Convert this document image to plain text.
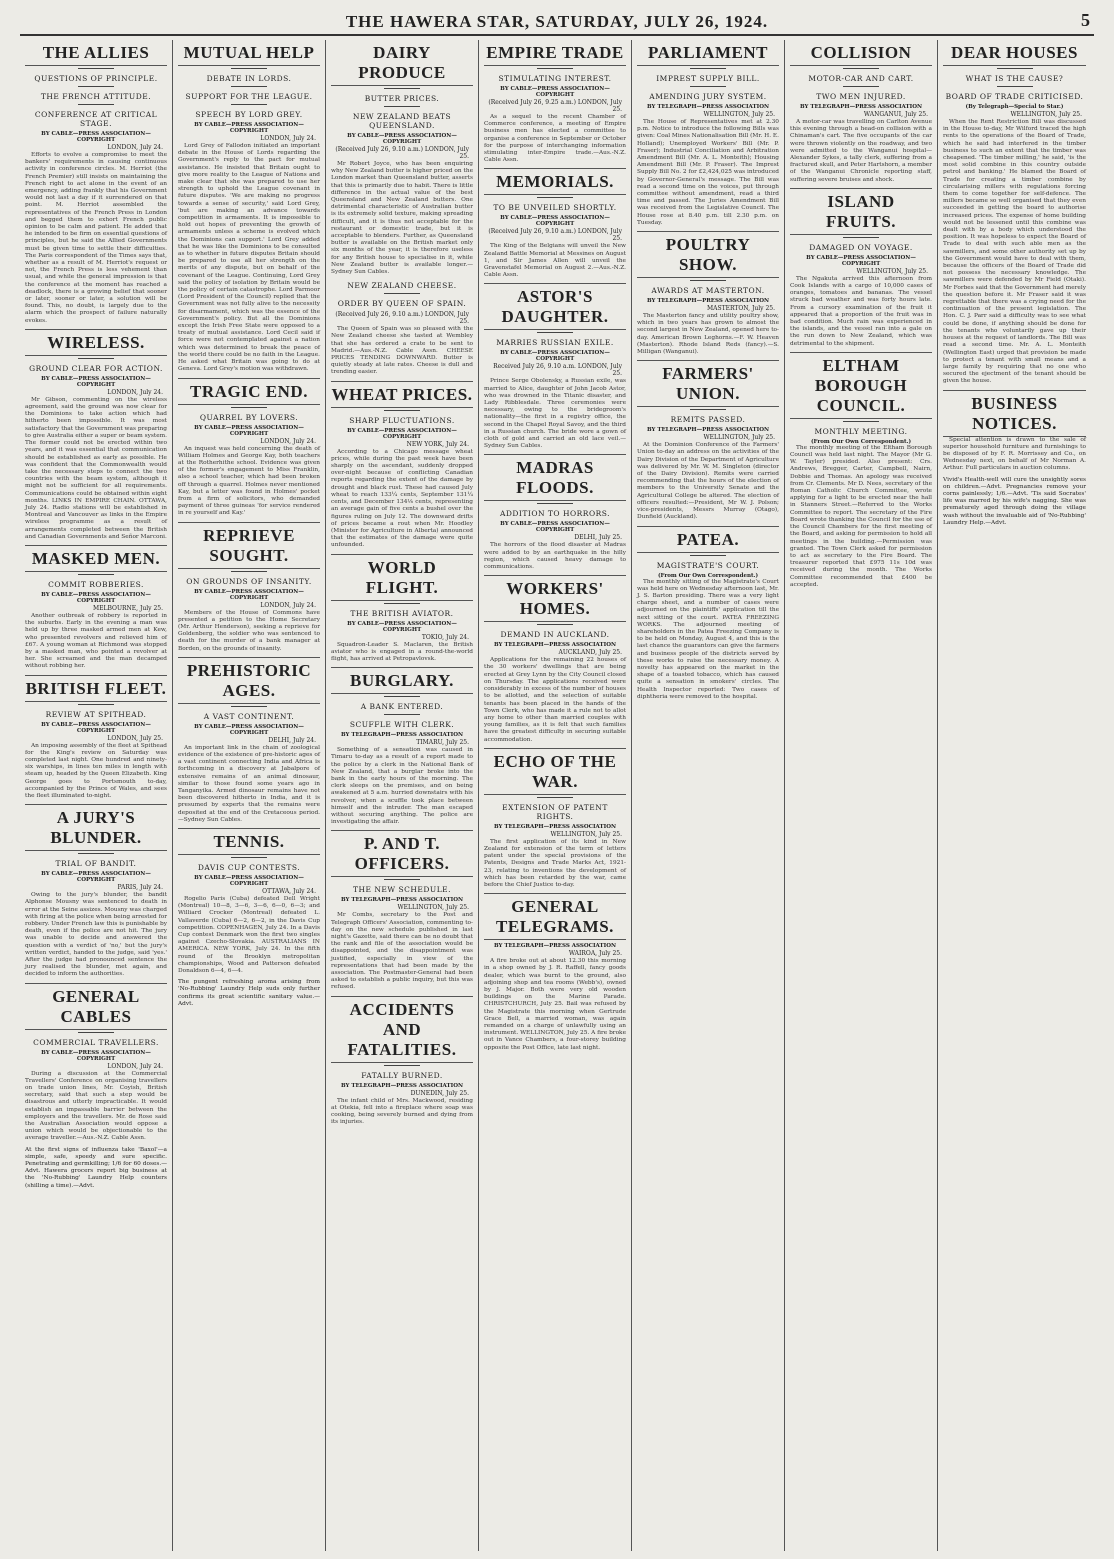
THE HAWERA STAR, SATURDAY, JULY 26, 1924.	5
THE ALLIES
QUESTIONS OF PRINCIPLE.
THE FRENCH ATTITUDE.
CONFERENCE AT CRITICAL STAGE.
BY CABLE—PRESS ASSOCIATION—COPYRIGHT
LONDON, July 24.
Efforts to evolve a compromise to meet the bankers' requirements in causing continuous activity in conference circles. M. Herriot (the French Premier) still insists on maintaining the French right to act alone in the event of an emergency, adding frankly that his Government would not last a day if it surrendered on that point. M. Herriot assembled the representatives of the French Press in London and begged them to exhort French public opinion to be calm and patient. He added that he intended to be firm on essential questions of principles, but he said the Allied Governments must be given time to settle their difficulties. The Paris correspondent of the Times says that, whether as a result of M. Herriot's request or not, the French Press is less vehement than usual, and while the general impression is that the conference at the moment has reached a deadlock, there is a growing belief that sooner or later, sooner or later, a solution will be found. This, no doubt, is largely due to the alarm which the prospect of failure naturally evokes.
WIRELESS.
GROUND CLEAR FOR ACTION.
BY CABLE—PRESS ASSOCIATION—COPYRIGHT
LONDON, July 24.
Mr Gibson, commenting on the wireless agreement, said the ground was now clear for the Dominions to take action which had hitherto been impossible. It was most satisfactory that the Government was preparing to give Australia either a super or beam system. The former could not be erected within two years, and it was essential that communication should be established as early as possible. He was confident that the Commonwealth would take the necessary steps to connect the two countries with the beam system, although it might not be sufficient for all requirements. Communications could be obtained within eight months. LINKS IN EMPIRE CHAIN. OTTAWA, July 24. Radio stations will be established in Montreal and Vancouver as links in the Empire wireless programme as a result of arrangements completed between the British and Canadian Governments and Señor Marconi.
MASKED MEN.
COMMIT ROBBERIES.
BY CABLE—PRESS ASSOCIATION—COPYRIGHT
MELBOURNE, July 25.
Another outbreak of robbery is reported in the suburbs. Early in the evening a man was held up by three masked armed men at Kew, who presented revolvers and relieved him of £67. A young woman at Richmond was stopped by a masked man, who pointed a revolver at her. She screamed and the man decamped without robbing her.
BRITISH FLEET.
REVIEW AT SPITHEAD.
BY CABLE—PRESS ASSOCIATION—COPYRIGHT
LONDON, July 25.
An imposing assembly of the fleet at Spithead for the King's review on Saturday was completed last night. One hundred and ninety-six warships, in lines ten miles in length with steam up, headed by the Queen Elizabeth. King George goes to Portsmouth to-day, accompanied by the Prince of Wales, and sees the fleet illuminated to-night.
A JURY'S BLUNDER.
TRIAL OF BANDIT.
BY CABLE—PRESS ASSOCIATION—COPYRIGHT
PARIS, July 24.
Owing to the jury's blunder, the bandit Alphonse Mousny was sentenced to death in error at the Seine assizes. Mousny was charged with firing at the police when being arrested for robbery. Under French law this is punishable by death, even if the police are not hit. The jury was unable to decide and answered the question with a verdict of 'no,' but the jury's written verdict, handed to the judge, said 'yes.' After the judge had pronounced sentence the jury realised the blunder, met again, and decided to inform the authorities.
GENERAL CABLES
COMMERCIAL TRAVELLERS.
BY CABLE—PRESS ASSOCIATION—COPYRIGHT
LONDON, July 24.
During a discussion at the Commercial Travellers' Conference on organising travellers on trade union lines, Mr. Coyish, British secretary, said that such a step would be disastrous and utterly impracticable. It would establish an impassable barrier between the employers and the travellers. Mr. de Rose said the Australian Association would oppose a union which would be objectionable to the average traveller.—Aus.-N.Z. Cable Assn.
At the first signs of influenza take 'Baxol'—a simple, safe, speedy and sure specific. Penetrating and germkilling; 1/6 for 60 doses.—Advt. Hawera grocers report big business at the 'No-Rubbing' Laundry Help counters (shilling a time).—Advt.
MUTUAL HELP
DEBATE IN LORDS.
SUPPORT FOR THE LEAGUE.
SPEECH BY LORD GREY.
BY CABLE—PRESS ASSOCIATION—COPYRIGHT
LONDON, July 24.
Lord Grey of Fallodon initiated an important debate in the House of Lords regarding the Government's reply to the pact for mutual assistance. He insisted that Britain ought to give more reality to the League of Nations and make clear that she was prepared to use her strength to uphold the League covenant in future disputes. 'We are making no progress towards a sense of security,' said Lord Grey, 'but are making an advance towards competition in armaments. It is impossible to hold out hopes of preventing the growth of armaments unless a scheme is evolved which the Dominions can support.' Lord Grey added that he was like the Dominions to be consulted as to whether in future disputes Britain should be prepared to use all her strength on the merits of any dispute, but on behalf of the covenant of the League. Continuing, Lord Grey said the policy of isolation by Britain would be the policy of certain catastrophe. Lord Parmoor (Lord President of the Council) replied that the Government was not fully alive to the necessity for disarmament, which was the essence of the Government's policy. But all the Dominions except the Irish Free State were opposed to a treaty of mutual assistance. Lord Cecil said if force were not contemplated against a nation which was determined to break the peace of the world there could be no faith in the League. He asked what Britain was going to do at Geneva. Lord Grey's motion was withdrawn.
TRAGIC END.
QUARREL BY LOVERS.
BY CABLE—PRESS ASSOCIATION—COPYRIGHT
LONDON, July 24.
An inquest was held concerning the death of William Holmes and George Kay, both teachers at the Rotherhithe school. Evidence was given of the former's engagement to Miss Franklin, also a school teacher, which had been broken off through a quarrel. Holmes never mentioned Kay, but a letter was found in Holmes' pocket from a firm of solicitors, who demanded payment of three guineas 'for service rendered in re yourself and Kay.'
REPRIEVE SOUGHT.
ON GROUNDS OF INSANITY.
BY CABLE—PRESS ASSOCIATION—COPYRIGHT
LONDON, July 24.
Members of the House of Commons have presented a petition to the Home Secretary (Mr. Arthur Henderson), seeking a reprieve for Goldenberg, the soldier who was sentenced to death for the murder of a bank manager at Borden, on the grounds of insanity.
PREHISTORIC AGES.
A VAST CONTINENT.
BY CABLE—PRESS ASSOCIATION—COPYRIGHT
DELHI, July 24.
An important link in the chain of zoological evidence of the existence of pre-historic ages of a vast continent connecting India and Africa is forthcoming in a discovery at Jabalpore of extensive remains of an animal dinosaur, similar to those found some years ago in Tanganyika. Armed dinosaur remains have not been discovered hitherto in India, and it is presumed by experts that the remains were deposited at the end of the Cretaceous period.—Sydney Sun Cables.
TENNIS.
DAVIS CUP CONTESTS.
BY CABLE—PRESS ASSOCIATION—COPYRIGHT
OTTAWA, July 24.
Rogelio Paris (Cuba) defeated Dell Wright (Montreal) 10—8, 3—6, 3—6, 6—0, 6—3; and Williard Crocker (Montreal) defeated L. Vallaverde (Cuba) 6—2, 6—2, in the Davis Cup competition. COPENHAGEN, July 24. In a Davis Cup contest Denmark won the first two singles against Czecho-Slovakia. AUSTRALIANS IN AMERICA. NEW YORK, July 24. In the fifth round of the Brooklyn metropolitan championships, Wood and Patterson defeated Donaldson 6—4, 6—4.
The pungent refreshing aroma arising from 'No-Rubbing' Laundry Help suds only further confirms its great scientific sanitary value.—Advt.
DAIRY PRODUCE
BUTTER PRICES.
NEW ZEALAND BEATS QUEENSLAND.
BY CABLE—PRESS ASSOCIATION—COPYRIGHT
(Received July 26, 9.10 a.m.) LONDON, July 25.
Mr Robert Joyce, who has been enquiring why New Zealand butter is higher priced on the London market than Queensland butter, asserts that this is primarily due to habit. There is little difference in the actual value of the best Queensland and New Zealand butters. One detrimental characteristic of Australian butter is its extremely solid texture, making spreading difficult, and it is thus not acceptable for the restaurant or domestic trade, but it is acceptable to blenders. Further, as Queensland butter is available on the British market only six months of the year, it is therefore useless for any British house to specialise in it, while New Zealand butter is available longer.—Sydney Sun Cables.
NEW ZEALAND CHEESE.
ORDER BY QUEEN OF SPAIN.
(Received July 26, 9.10 a.m.) LONDON, July 25.
The Queen of Spain was so pleased with the New Zealand cheese she tasted at Wembley that she has ordered a crate to be sent to Madrid.—Aus.-N.Z. Cable Assn. CHEESE PRICES TENDING DOWNWARD. Butter is quietly steady at late rates. Cheese is dull and trending easier.
WHEAT PRICES.
SHARP FLUCTUATIONS.
BY CABLE—PRESS ASSOCIATION—COPYRIGHT
NEW YORK, July 24.
According to a Chicago message wheat prices, while during the past week have been sharply on the ascendant, suddenly dropped over-night because of conflicting Canadian reports regarding the extent of the damage by drought and black rust. These had caused July wheat to reach 133¼ cents, September 131¼ cents, and December 134⅛ cents, representing an average gain of five cents a bushel over the figures ruling on July 12. The downward drifts of prices became a rout when Mr. Hoodley (Minister for Agriculture in Alberta) announced that the estimates of the damage were quite unfounded.
WORLD FLIGHT.
THE BRITISH AVIATOR.
BY CABLE—PRESS ASSOCIATION—COPYRIGHT
TOKIO, July 24.
Squadron-Leader S. Maclaren, the British aviator who is engaged in a round-the-world flight, has arrived at Petropavlovsk.
BURGLARY.
A BANK ENTERED.
SCUFFLE WITH CLERK.
BY TELEGRAPH—PRESS ASSOCIATION
TIMARU, July 25.
Something of a sensation was caused in Timaru to-day as a result of a report made to the police by a clerk in the National Bank of New Zealand, that a burglar broke into the bank in the early hours of the morning. The clerk sleeps on the premises, and on being awakened at 5 a.m. hurried downstairs with his revolver, when a scuffle took place between himself and the intruder. The man escaped without securing anything. The police are investigating the affair.
P. AND T. OFFICERS.
THE NEW SCHEDULE.
BY TELEGRAPH—PRESS ASSOCIATION
WELLINGTON, July 25.
Mr Combs, secretary to the Post and Telegraph Officers' Association, commenting to-day on the new schedule published in last night's Gazette, said there can be no doubt that the rank and file of the association would be disappointed, and the disappointment was justified, especially in view of the representations that had been made by the association. The Postmaster-General had been asked to establish a public inquiry, but this was refused.
ACCIDENTS AND FATALITIES.
FATALLY BURNED.
BY TELEGRAPH—PRESS ASSOCIATION
DUNEDIN, July 25.
The infant child of Mrs. Mackwood, residing at Otekia, fell into a fireplace where soap was cooking, being severely burned and dying from its injuries.
EMPIRE TRADE
STIMULATING INTEREST.
BY CABLE—PRESS ASSOCIATION—COPYRIGHT
(Received July 26, 9.25 a.m.) LONDON, July 25.
As a sequel to the recent Chamber of Commerce conference, a meeting of Empire business men has elected a committee to organise a conference in September or October for the purpose of interchanging information stimulating inter-Empire trade.—Aus.-N.Z. Cable Assn.
MEMORIALS.
TO BE UNVEILED SHORTLY.
BY CABLE—PRESS ASSOCIATION—COPYRIGHT
(Received July 26, 9.10 a.m.) LONDON, July 25.
The King of the Belgians will unveil the New Zealand Battle Memorial at Messines on August 1, and Sir James Allen will unveil the Gravenstafel Memorial on August 2.—Aus.-N.Z. Cable Assn.
ASTOR'S DAUGHTER.
MARRIES RUSSIAN EXILE.
BY CABLE—PRESS ASSOCIATION—COPYRIGHT
Received July 26, 9.10 a.m. LONDON, July 25.
Prince Serge Obolensky, a Russian exile, was married to Alice, daughter of John Jacob Astor, who was drowned in the Titanic disaster, and Lady Ribblesdale. Three ceremonies were necessary, owing to the bridegroom's nationality—the first in a registry office, the second in the Chapel Royal Savoy, and the third in a Russian church. The bride wore a gown of cloth of gold and carried an old lace veil.—Sydney Sun Cables.
MADRAS FLOODS.
ADDITION TO HORRORS.
BY CABLE—PRESS ASSOCIATION—COPYRIGHT
DELHI, July 25.
The horrors of the flood disaster at Madras were added to by an earthquake in the hilly region, which caused heavy damage to communications.
WORKERS' HOMES.
DEMAND IN AUCKLAND.
BY TELEGRAPH—PRESS ASSOCIATION
AUCKLAND, July 25.
Applications for the remaining 22 houses of the 30 workers' dwellings that are being erected at Grey Lynn by the City Council closed on Thursday. The applications received were considerably in excess of the number of houses to be allotted, and the selection of suitable tenants has been placed in the hands of the Town Clerk, who has made it a rule not to allot any home to other than married couples with young families, as it is felt that such families have the greatest difficulty in securing suitable accommodation.
ECHO OF THE WAR.
EXTENSION OF PATENT RIGHTS.
BY TELEGRAPH—PRESS ASSOCIATION
WELLINGTON, July 25.
The first application of its kind in New Zealand for extension of the term of letters patent under the special provisions of the Patents, Designs and Trade Marks Act, 1921-23, relating to inventions the development of which has been retarded by the war, came before the Chief Justice to-day.
GENERAL TELEGRAMS.
BY TELEGRAPH—PRESS ASSOCIATION
WAIROA, July 25.
A fire broke out at about 12.30 this morning in a shop owned by J. R. Raffell, fancy goods dealer, which was burnt to the ground, also adjoining shop and tea rooms (Webb's), owned by J. Major. Both were very old wooden buildings on the Marine Parade. CHRISTCHURCH, July 25. Bail was refused by the Magistrate this morning when Gertrude Grace Bell, a married woman, was again remanded on a charge of unlawfully using an instrument. WELLINGTON, July 25. A fire broke out in Vance Chambers, a four-storey building opposite the Post Office, late last night.
PARLIAMENT
IMPREST SUPPLY BILL.
AMENDING JURY SYSTEM.
BY TELEGRAPH—PRESS ASSOCIATION
WELLINGTON, July 25.
The House of Representatives met at 2.30 p.m. Notice to introduce the following Bills was given: Coal Mines Nationalisation Bill (Mr. H. E. Holland); Unemployed Workers' Bill (Mr. P. Fraser); Industrial Conciliation and Arbitration Amendment Bill (Mr. A. L. Monteith); Housing Amendment Bill (Mr. P. Fraser). The Imprest Supply Bill No. 2 for £2,424,025 was introduced by Governor-General's message. The Bill was read a second time on the voices, put through committee without amendment, read a third time and passed. The Juries Amendment Bill was received from the Legislative Council. The House rose at 8.40 p.m. till 2.30 p.m. on Tuesday.
POULTRY SHOW.
AWARDS AT MASTERTON.
BY TELEGRAPH—PRESS ASSOCIATION
MASTERTON, July 25.
The Masterton fancy and utility poultry show, which in two years has grown to almost the second largest in New Zealand, opened here to-day. American Brown Leghorns.—F. W. Heaven (Masterton). Rhode Island Reds (fancy).—S. Milligan (Wanganui).
FARMERS' UNION.
REMITS PASSED.
BY TELEGRAPH—PRESS ASSOCIATION
WELLINGTON, July 25.
At the Dominion Conference of the Farmers' Union to-day an address on the activities of the Dairy Division of the Department of Agriculture was delivered by Mr. W. M. Singleton (director of the Dairy Division). Remits were carried recommending that the hours of the election of members to the University Senate and the Agricultural College be altered. The election of officers resulted:—President, Mr W. J. Polson; vice-presidents, Messrs Murray (Otago), Dunfield (Auckland).
PATEA.
MAGISTRATE'S COURT.
(From Our Own Correspondent.)
The monthly sitting of the Magistrate's Court was held here on Wednesday afternoon last, Mr. J. S. Barton presiding. There was a very light charge sheet, and a number of cases were adjourned on the plaintiffs' application till the next sitting of the court. PATEA FREEZING WORKS. The adjourned meeting of shareholders in the Patea Freezing Company is to be held on Monday, August 4, and this is the last chance the guarantors can give the farmers and business people of the districts served by these works to raise the necessary money. A novelty has appeared on the market in the shape of a toasted tobacco, which has caused quite a sensation in smokers' circles. The Health Inspector reported: Two cases of diphtheria were removed to the hospital.
COLLISION
MOTOR-CAR AND CART.
TWO MEN INJURED.
BY TELEGRAPH—PRESS ASSOCIATION
WANGANUI, July 25.
A motor-car was travelling on Carlton Avenue this evening through a head-on collision with a Chinaman's cart. The five occupants of the car were thrown violently on the roadway, and two were admitted to the Wanganui hospital—Alexander Sykes, a tally clerk, suffering from a fractured skull, and Peter Hartshorn, a member of the Wanganui Chronicle reporting staff, suffering severe bruises and shock.
ISLAND FRUITS.
DAMAGED ON VOYAGE.
BY CABLE—PRESS ASSOCIATION—COPYRIGHT
WELLINGTON, July 25.
The Ngakuta arrived this afternoon from Cook Islands with a cargo of 10,000 cases of oranges, tomatoes and bananas. The vessel struck bad weather and was forty hours late. From a cursory examination of the fruit it appeared that a proportion of the fruit was in bad condition. Much rain was experienced in the islands, and the vessel ran into a gale on the run down to New Zealand, which was detrimental to the shipment.
ELTHAM BOROUGH COUNCIL.
MONTHLY MEETING.
(From Our Own Correspondent.)
The monthly meeting of the Eltham Borough Council was held last night. The Mayor (Mr G. W. Tayler) presided. Also present: Crs. Andrews, Bregger, Carter, Campbell, Nairn, Dobbie and Thomas. An apology was received from Cr. Clements. Mr D. Nees, secretary of the Roman Catholic Church Committee, wrote applying for a light to be erected near the hall in Stanners Street.—Referred to the Works Committee to report. The secretary of the Fire Board wrote thanking the Council for the use of the Council Chambers for the first meeting of the Board, and asking for permission to hold all meetings in the building.—Permission was granted. The Town Clerk asked for permission to act as secretary to the Fire Board. The treasurer reported that £975 11s 10d was received during the month. The Works Committee recommended that £400 be accepted.
DEAR HOUSES
WHAT IS THE CAUSE?
BOARD OF TRADE CRITICISED.
(By Telegraph—Special to Star.)
WELLINGTON, July 25.
When the Rent Restriction Bill was discussed in the House to-day, Mr Wilford traced the high rents to the operations of the Board of Trade, which he said had interfered in the timber business to such an extent that the timber was cheapened. 'The timber milling,' he said, 'is the most solid combine in this country outside petrol and banking.' He blamed the Board of Trade for creating a timber combine by circularising millers with regulations forcing them to come together for self-defence. The millers became so well organised that they even succeeded in getting the board to authorise increased prices. The expense of home building would not be lessened until this combine was dealt with by a body which understood the position. It was hopeless to expect the Board of Trade to deal with such able men as the sawmillers, and some other authority set up by the Government would have to deal with them, because the officers of the Board of Trade did not possess the necessary knowledge. The sawmillers were defended by Mr Field (Otaki). Mr Forbes said that the Government had merely the question before it. Mr Fraser said it was regrettable that there was a crying need for the continuation of the present legislation. The Hon. C. J. Parr said a difficulty was to see what could be done, if anything should be done for the tenants who voluntarily gave up their houses at the request of landlords. The Bill was read a second time. Mr. A. L. Monteith (Wellington East) urged that provision be made to protect a tenant with small means and a large family by requiring that no one who secured the ejectment of the tenant should be given the house.
BUSINESS NOTICES.
Special attention is drawn to the sale of superior household furniture and furnishings to be disposed of by F. R. Morrissey and Co., on Wednesday next, on behalf of Mr Norman A. Arthur. Full particulars in auction columns.
Vivid's Health-well will cure the unsightly sores on children.—Advt. Pregnancies remove your corns painlessly; 1/6.—Advt. 'Tis said Socrates' life was marred by his wife's nagging. She was prematurely aged through doing the village wash without the invaluable aid of 'No-Rubbing' Laundry Help.—Advt.
